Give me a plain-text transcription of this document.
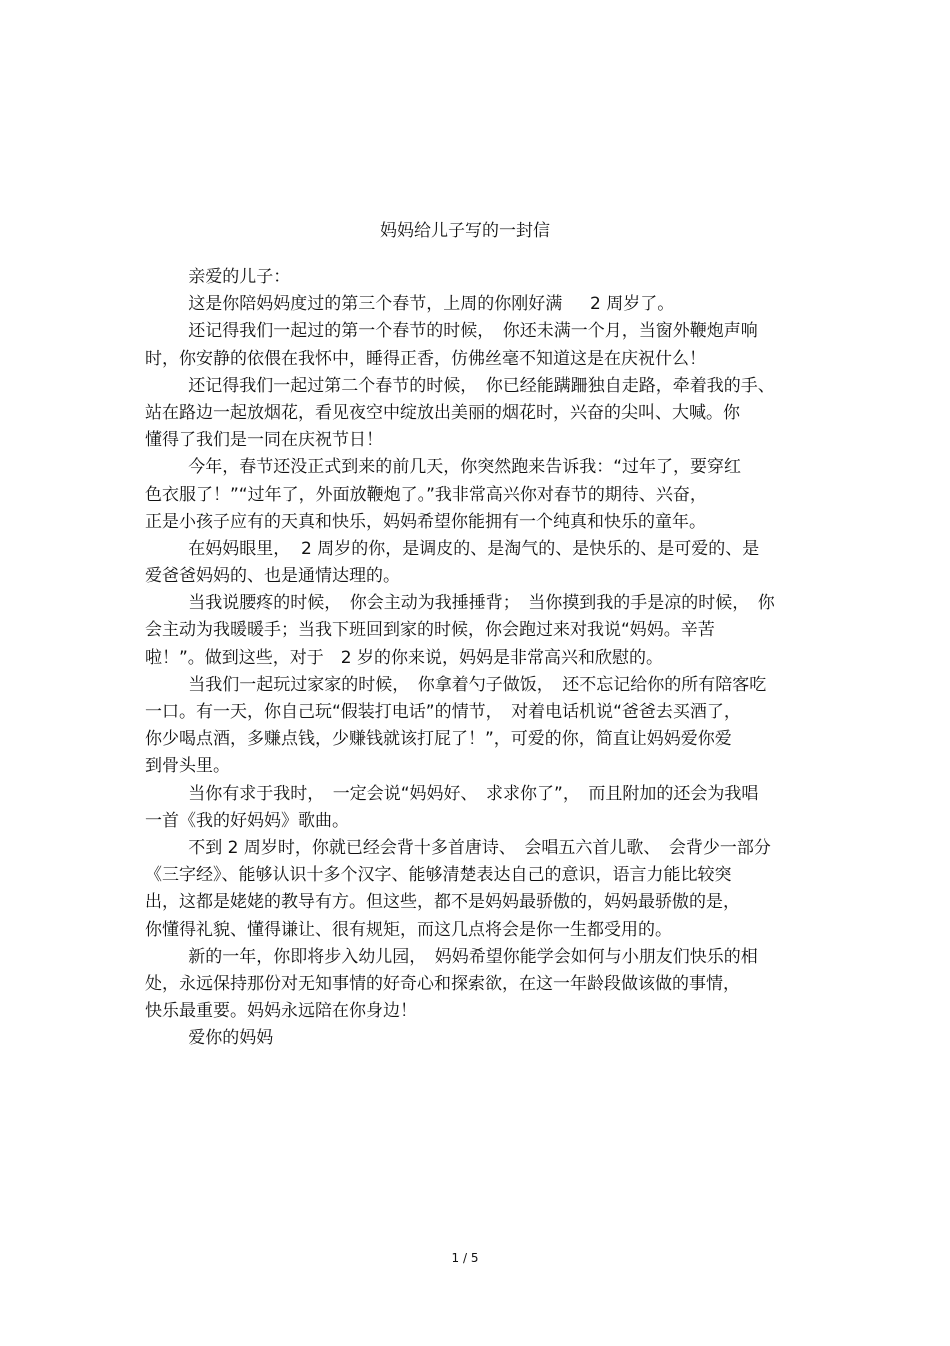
妈妈给儿子写的一封信
亲爱的儿子：
这是你陪妈妈度过的第三个春节，上周的你刚好满　  2 周岁了。
还记得我们一起过的第一个春节的时候，　你还未满一个月，当窗外鞭炮声响
时，你安静的依偎在我怀中，睡得正香，仿佛丝毫不知道这是在庆祝什么！
还记得我们一起过第二个春节的时候，　你已经能蹒跚独自走路，牵着我的手、
站在路边一起放烟花，看见夜空中绽放出美丽的烟花时，兴奋的尖叫、大喊。你
懂得了我们是一同在庆祝节日！
今年，春节还没正式到来的前几天，你突然跑来告诉我：“过年了，要穿红
色衣服了！”“过年了，外面放鞭炮了。”我非常高兴你对春节的期待、兴奋，
正是小孩子应有的天真和快乐，妈妈希望你能拥有一个纯真和快乐的童年。
在妈妈眼里，  2 周岁的你，是调皮的、是淘气的、是快乐的、是可爱的、是
爱爸爸妈妈的、也是通情达理的。
当我说腰疼的时候，　你会主动为我捶捶背；　当你摸到我的手是凉的时候，　你
会主动为我暖暖手；当我下班回到家的时候，你会跑过来对我说“妈妈。辛苦
啦！”。做到这些，对于　2 岁的你来说，妈妈是非常高兴和欣慰的。
当我们一起玩过家家的时候，　你拿着勺子做饭，　还不忘记给你的所有陪客吃
一口。有一天，你自己玩“假装打电话”的情节，　对着电话机说“爸爸去买酒了，
你少喝点酒，多赚点钱，少赚钱就该打屁了！”，可爱的你，简直让妈妈爱你爱
到骨头里。
当你有求于我时，　一定会说“妈妈好、　求求你了”，　而且附加的还会为我唱
一首《我的好妈妈》歌曲。
不到 2 周岁时，你就已经会背十多首唐诗、　会唱五六首儿歌、　会背少一部分
《三字经》、能够认识十多个汉字、能够清楚表达自己的意识，语言力能比较突
出，这都是姥姥的教导有方。但这些，都不是妈妈最骄傲的，妈妈最骄傲的是，
你懂得礼貌、懂得谦让、很有规矩，而这几点将会是你一生都受用的。
新的一年，你即将步入幼儿园，　妈妈希望你能学会如何与小朋友们快乐的相
处，永远保持那份对无知事情的好奇心和探索欲，在这一年龄段做该做的事情，
快乐最重要。妈妈永远陪在你身边！
爱你的妈妈
1 / 5
